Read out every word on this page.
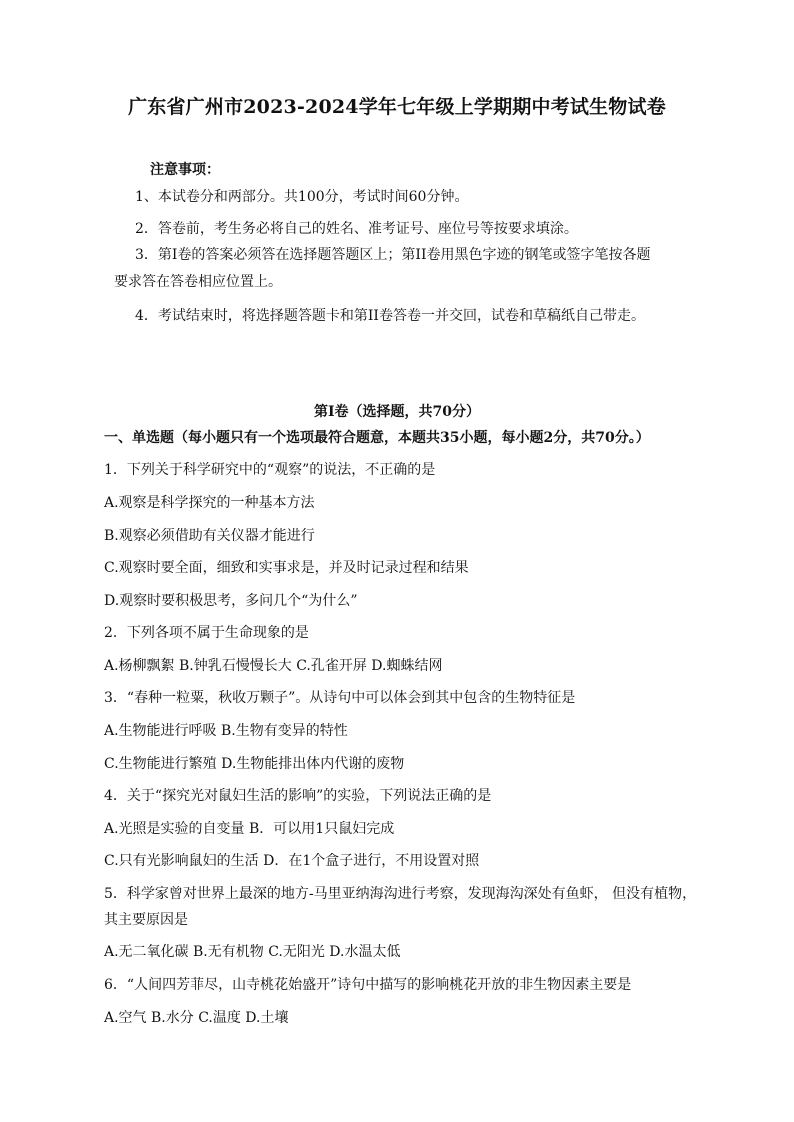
广东省广州市2023-2024学年七年级上学期期中考试生物试卷
注意事项：
1、本试卷分和两部分。共100分，考试时间60分钟。
2．答卷前，考生务必将自己的姓名、准考证号、座位号等按要求填涂。
3．第I卷的答案必须答在选择题答题区上；第II卷用黑色字迹的钢笔或签字笔按各题
要求答在答卷相应位置上。
4．考试结束时，将选择题答题卡和第II卷答卷一并交回，试卷和草稿纸自己带走。
第I卷（选择题，共70分）
一、单选题（每小题只有一个选项最符合题意，本题共35小题，每小题2分，共70分。）
1．下列关于科学研究中的“观察”的说法，不正确的是
A.观察是科学探究的一种基本方法
B.观察必须借助有关仪器才能进行
C.观察时要全面，细致和实事求是，并及时记录过程和结果
D.观察时要积极思考，多问几个“为什么”
2．下列各项不属于生命现象的是
A.杨柳飘絮 B.钟乳石慢慢长大 C.孔雀开屏 D.蜘蛛结网
3．“春种一粒粟，秋收万颗子”。从诗句中可以体会到其中包含的生物特征是
A.生物能进行呼吸 B.生物有变异的特性
C.生物能进行繁殖 D.生物能排出体内代谢的废物
4．关于“探究光对鼠妇生活的影响”的实验，下列说法正确的是
A.光照是实验的自变量 B．可以用1只鼠妇完成
C.只有光影响鼠妇的生活 D．在1个盒子进行，不用设置对照
5．科学家曾对世界上最深的地方-马里亚纳海沟进行考察，发现海沟深处有鱼虾， 但没有植物，
其主要原因是
A.无二氧化碳 B.无有机物 C.无阳光 D.水温太低
6．“人间四芳菲尽，山寺桃花始盛开”诗句中描写的影响桃花开放的非生物因素主要是
A.空气 B.水分 C.温度 D.土壤
